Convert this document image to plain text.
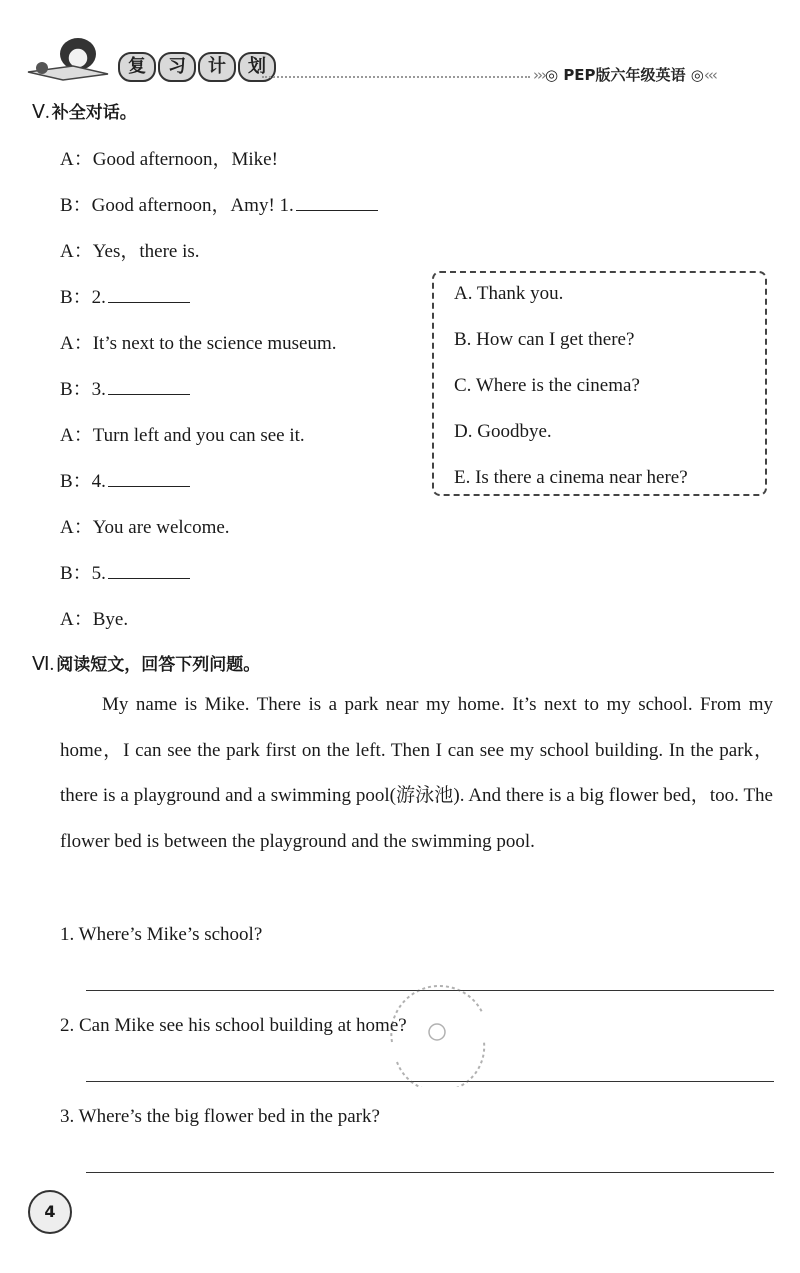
复	习	计	划	›››◎ PEP版六年级英语 ◎‹‹‹
Ⅴ. 补全对话。
A：Good afternoon，Mike!
B：Good afternoon，Amy! 1.
A：Yes，there is.
B：2.
A：It’s next to the science museum.
B：3.
A：Turn left and you can see it.
B：4.
A：You are welcome.
B：5.
A：Bye.
A. Thank you.
B. How can I get there?
C. Where is the cinema?
D. Goodbye.
E. Is there a cinema near here?
Ⅵ. 阅读短文，回答下列问题。
My name is Mike. There is a park near my home. It’s next to my school. From my home，I can see the park first on the left. Then I can see my school building. In the park，there is a playground and a swimming pool(游泳池). And there is a big flower bed，too. The flower bed is between the playground and the swimming pool.
1. Where’s Mike’s school?
2. Can Mike see his school building at home?
3. Where’s the big flower bed in the park?
4
